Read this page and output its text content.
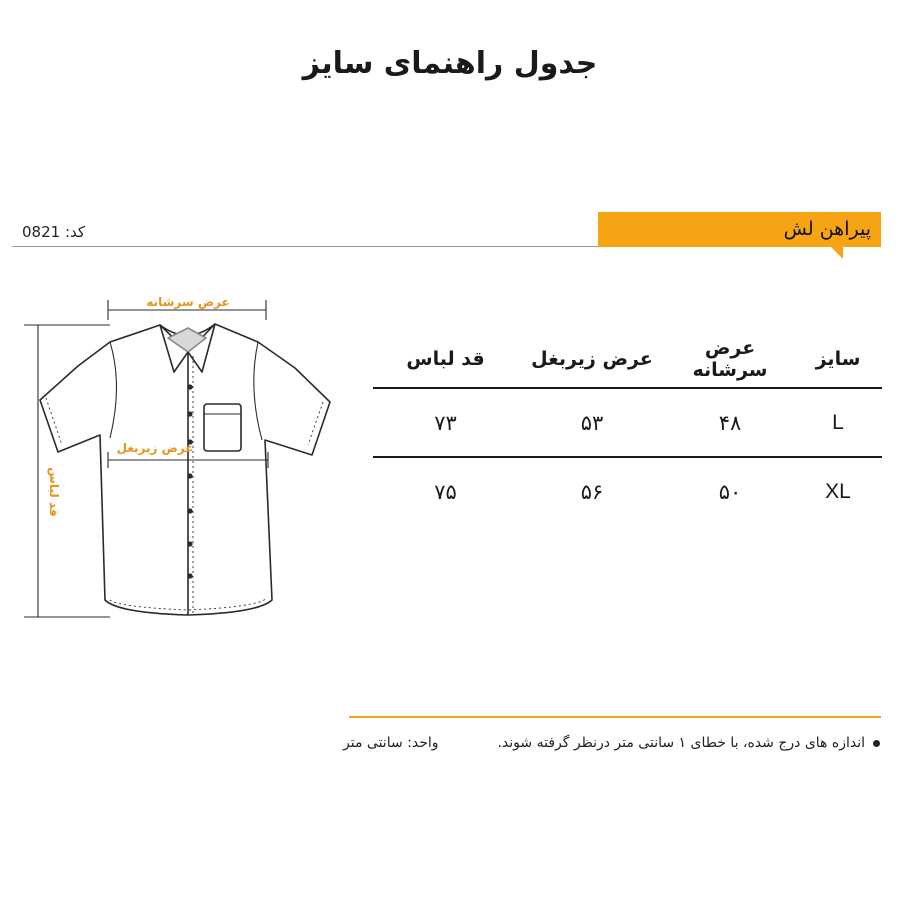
جدول راهنمای سایز
کد: 0821	پیراهن لش
عرض سرشانه
عرض زیربغل
قد لباس
سایز	عرض سرشانه	عرض زیربغل	قد لباس
L	۴۸	۵۳	۷۳
XL	۵۰	۵۶	۷۵
اندازه های درج شده، با خطای ۱ سانتی متر درنظر گرفته شوند.
واحد: سانتی متر
